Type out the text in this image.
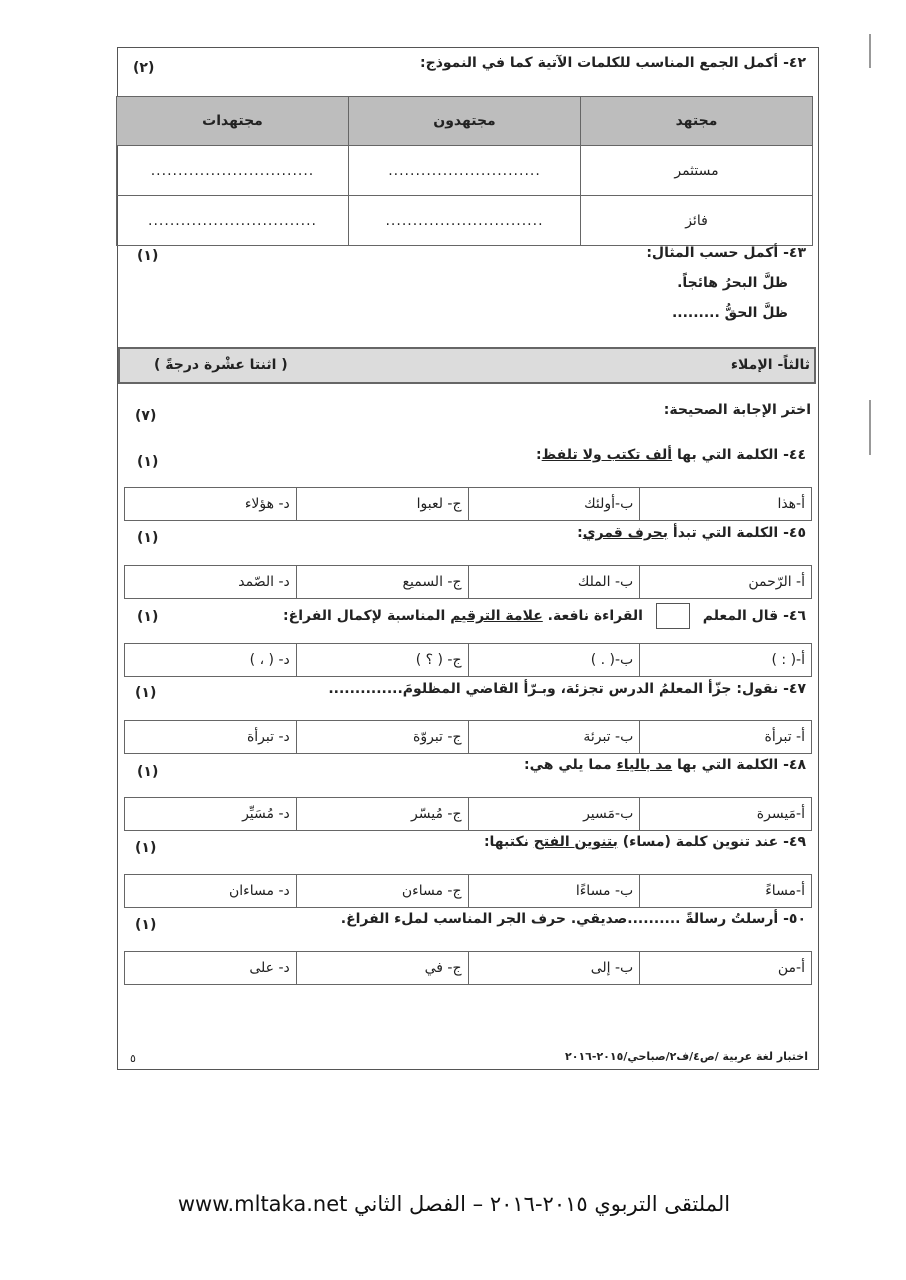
٤٢- أكمل الجمع المناسب للكلمات الآتية كما في النموذج:
(٢)
مجتهد	مجتهدون	مجتهدات
مستثمر	............................	..............................
فائز	.............................	...............................
٤٣- أكمل حسب المثال:
(١)
ظلَّ البحرُ هائجاً.
ظلَّ الحقُّ .........
ثالثاً- الإملاء
( اثنتا عشْرة درجةً )
اختر الإجابة الصحيحة:
(٧)
٤٤- الكلمة التي بها ألف تكتب ولا تلفظ:
(١)
أ-هذا	ب-أولئك	ج- لعبوا	د- هؤلاء
٤٥- الكلمة التي تبدأ بحرف قمري:
(١)
أ- الرّحمن	ب- الملك	ج- السميع	د- الصّمد
٤٦- قال المعلم  القراءة نافعة. علامة الترقيم المناسبة لإكمال الفراغ:
(١)
أ-( : )	ب-( . )	ج- ( ؟ )	د- ( ، )
٤٧- نقول: جزّأ المعلمُ الدرس تجزئة، وبـرّأ القاضي المظلومَ..............
(١)
أ- تبرأة	ب- تبرئة	ج- تبروّة	د- تبرأة
٤٨- الكلمة التي بها مد بالياء مما يلي هي:
(١)
أ-مَيسرة	ب-مَسير	ج- مُيسّر	د- مُسَيِّر
٤٩- عند تنوين كلمة (مساء) بتنوين الفتح نكتبها:
(١)
أ-مساءً	ب- مساءًا	ج- مساءن	د- مساءان
٥٠- أرسلتُ رسالةً ..........صديقي. حرف الجر المناسب لملء الفراغ.
(١)
أ-من	ب- إلى	ج- في	د- على
٥	اختبار لغة عربية /ص٤/ف٢/صباحي/٢٠١٥-٢٠١٦
الملتقى التربوي ٢٠١٥-٢٠١٦ – الفصل الثاني www.mltaka.net
